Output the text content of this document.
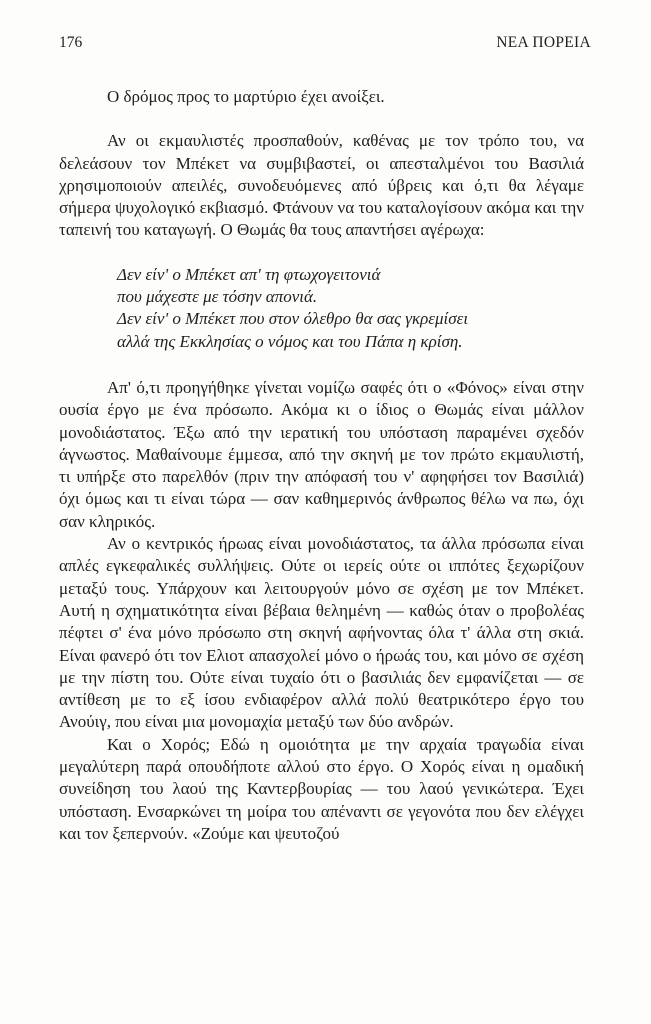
176	ΝΕΑ ΠΟΡΕΙΑ

Ο δρόμος προς το μαρτύριο έχει ανοίξει.

Αν οι εκμαυλιστές προσπαθούν, καθένας με τον τρόπο του, να δελεάσουν τον Μπέκετ να συμβιβαστεί, οι απεσταλμένοι του Βασιλιά χρησιμοποιούν απειλές, συνοδευόμενες από ύβρεις και ό,τι θα λέγαμε σήμερα ψυχολογικό εκβιασμό. Φτάνουν να του καταλογίσουν ακόμα και την ταπεινή του καταγωγή. Ο Θωμάς θα τους απαντήσει αγέρωχα:

Δεν είν' ο Μπέκετ απ' τη φτωχογειτονιά
που μάχεστε με τόσην απονιά.
Δεν είν' ο Μπέκετ που στον όλεθρο θα σας γκρεμίσει
αλλά της Εκκλησίας ο νόμος και του Πάπα η κρίση.

Απ' ό,τι προηγήθηκε γίνεται νομίζω σαφές ότι ο «Φόνος» είναι στην ουσία έργο με ένα πρόσωπο. Ακόμα κι ο ίδιος ο Θωμάς είναι μάλλον μονοδιάστατος. Έξω από την ιερατική του υπόσταση παραμένει σχεδόν άγνωστος. Μαθαίνουμε έμμεσα, από την σκηνή με τον πρώτο εκμαυλιστή, τι υπήρξε στο παρελθόν (πριν την απόφασή του ν' αφηφήσει τον Βασιλιά) όχι όμως και τι είναι τώρα — σαν καθημερινός άνθρωπος θέλω να πω, όχι σαν κληρικός.

Αν ο κεντρικός ήρωας είναι μονοδιάστατος, τα άλλα πρόσωπα είναι απλές εγκεφαλικές συλλήψεις. Ούτε οι ιερείς ούτε οι ιππότες ξεχωρίζουν μεταξύ τους. Υπάρχουν και λειτουργούν μόνο σε σχέση με τον Μπέκετ. Αυτή η σχηματικότητα είναι βέβαια θελημένη — καθώς όταν ο προβολέας πέφτει σ' ένα μόνο πρόσωπο στη σκηνή αφήνοντας όλα τ' άλλα στη σκιά. Είναι φανερό ότι τον Ελιοτ απασχολεί μόνο ο ήρωάς του, και μόνο σε σχέση με την πίστη του. Ούτε είναι τυχαίο ότι ο βασιλιάς δεν εμφανίζεται — σε αντίθεση με το εξ ίσου ενδιαφέρον αλλά πολύ θεατρικότερο έργο του Ανούιγ, που είναι μια μονομαχία μεταξύ των δύο ανδρών.

Και ο Χορός; Εδώ η ομοιότητα με την αρχαία τραγωδία είναι μεγαλύτερη παρά οπουδήποτε αλλού στο έργο. Ο Χορός είναι η ομαδική συνείδηση του λαού της Καντερβουρίας — του λαού γενικώτερα. Έχει υπόσταση. Ενσαρκώνει τη μοίρα του απέναντι σε γεγονότα που δεν ελέγχει και τον ξεπερνούν. «Ζούμε και ψευτοζού
